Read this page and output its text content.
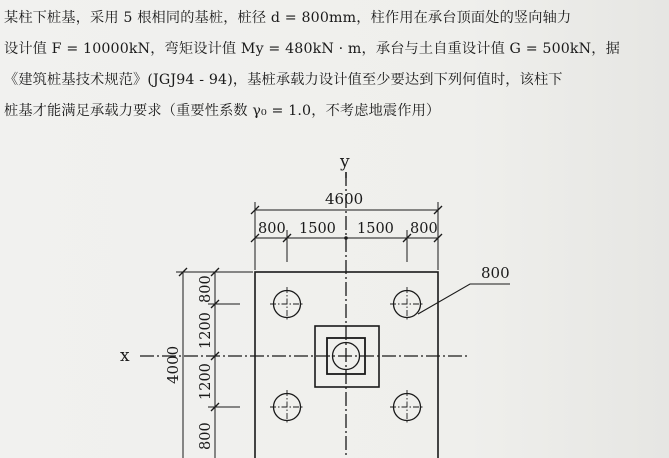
某柱下桩基，采用 5 根相同的基桩，桩径 d = 800mm，柱作用在承台顶面处的竖向轴力
设计值 F = 10000kN，弯矩设计值 My = 480kN · m，承台与土自重设计值 G = 500kN，据
《建筑桩基技术规范》(JGJ94 - 94)，基桩承载力设计值至少要达到下列何值时，该柱下
桩基才能满足承载力要求（重要性系数 γ₀ = 1.0，不考虑地震作用）
y
x
4600
800 1500 1500 800
4000
800
1200
1200
800
800
